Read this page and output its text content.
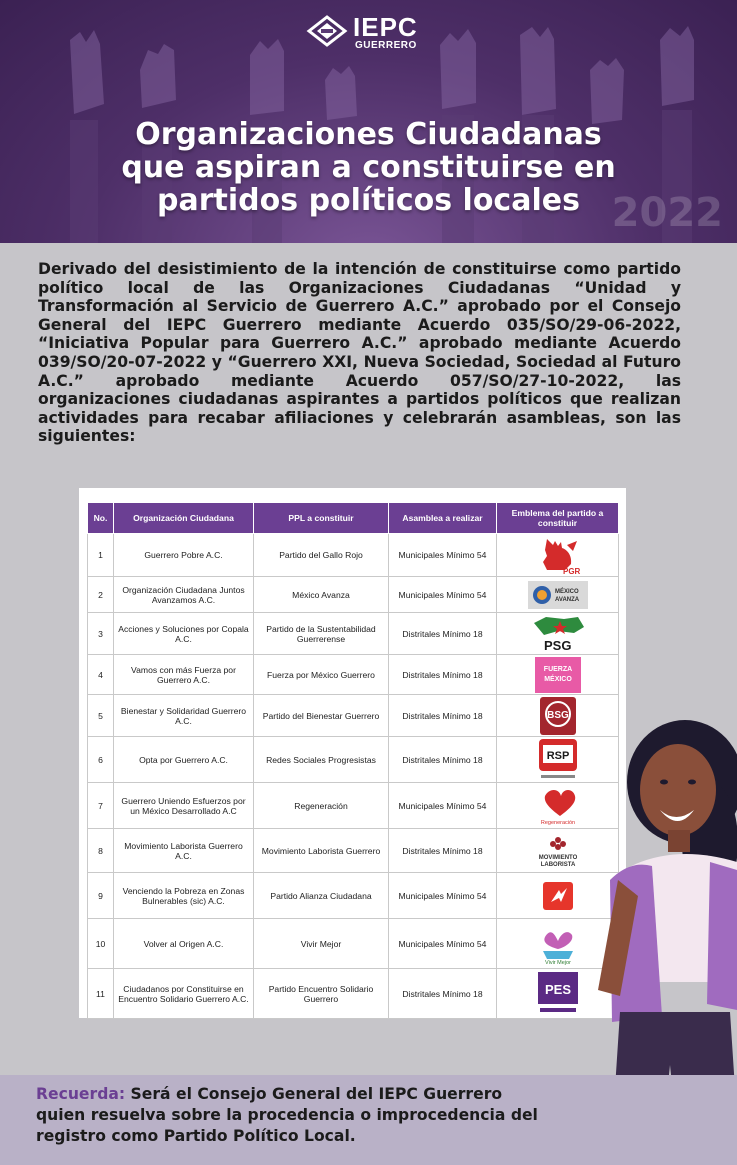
IEPC
GUERRERO
Organizaciones Ciudadanas
que aspiran a constituirse en
partidos políticos locales 2022
Derivado del desistimiento de la intención de constituirse como partido político local de las Organizaciones Ciudadanas “Unidad y Transformación al Servicio de Guerrero A.C.” aprobado por el Consejo General del IEPC Guerrero mediante Acuerdo 035/SO/29-06-2022, “Iniciativa Popular para Guerrero A.C.” aprobado mediante Acuerdo 039/SO/20-07-2022 y “Guerrero XXI, Nueva Sociedad, Sociedad al Futuro A.C.” aprobado mediante Acuerdo 057/SO/27-10-2022, las organizaciones ciudadanas aspirantes a partidos políticos que realizan actividades para recabar afiliaciones y celebrarán asambleas, son las siguientes:
No.	Organización Ciudadana	PPL a constituir	Asamblea a realizar	Emblema del partido a constituir
1	Guerrero Pobre A.C.	Partido del Gallo Rojo	Municipales Mínimo 54	PGR

2	Organización Ciudadana Juntos Avanzamos A.C.	México Avanza	Municipales Mínimo 54	MÉXICO
AVANZA

3	Acciones y Soluciones por Copala A.C.	Partido de la Sustentabilidad Guerrerense	Distritales Mínimo 18	PSG

4	Vamos con más Fuerza por Guerrero A.C.	Fuerza por México Guerrero	Distritales Mínimo 18	FUERZA
MÉXICO

5	Bienestar y Solidaridad Guerrero A.C.	Partido del Bienestar Guerrero	Distritales Mínimo 18	BSG

6	Opta por Guerrero A.C.	Redes Sociales Progresistas	Distritales Mínimo 18	RSP

7	Guerrero Uniendo Esfuerzos por un México Desarrollado A.C	Regeneración	Municipales Mínimo 54	Regeneración

8	Movimiento Laborista Guerrero A.C.	Movimiento Laborista Guerrero	Distritales Mínimo 18	MOVIMIENTO
LABORISTA

9	Venciendo la Pobreza en Zonas Bulnerables (sic) A.C.	Partido Alianza Ciudadana	Municipales Mínimo 54	

10	Volver al Origen A.C.	Vivir Mejor	Municipales Mínimo 54	Vivir Mejor

11	Ciudadanos por Constituirse en Encuentro Solidario Guerrero A.C.	Partido Encuentro Solidario Guerrero	Distritales Mínimo 18	PES
Recuerda: Será el Consejo General del IEPC Guerrero quien resuelva sobre la procedencia o improcedencia del registro como Partido Político Local.
